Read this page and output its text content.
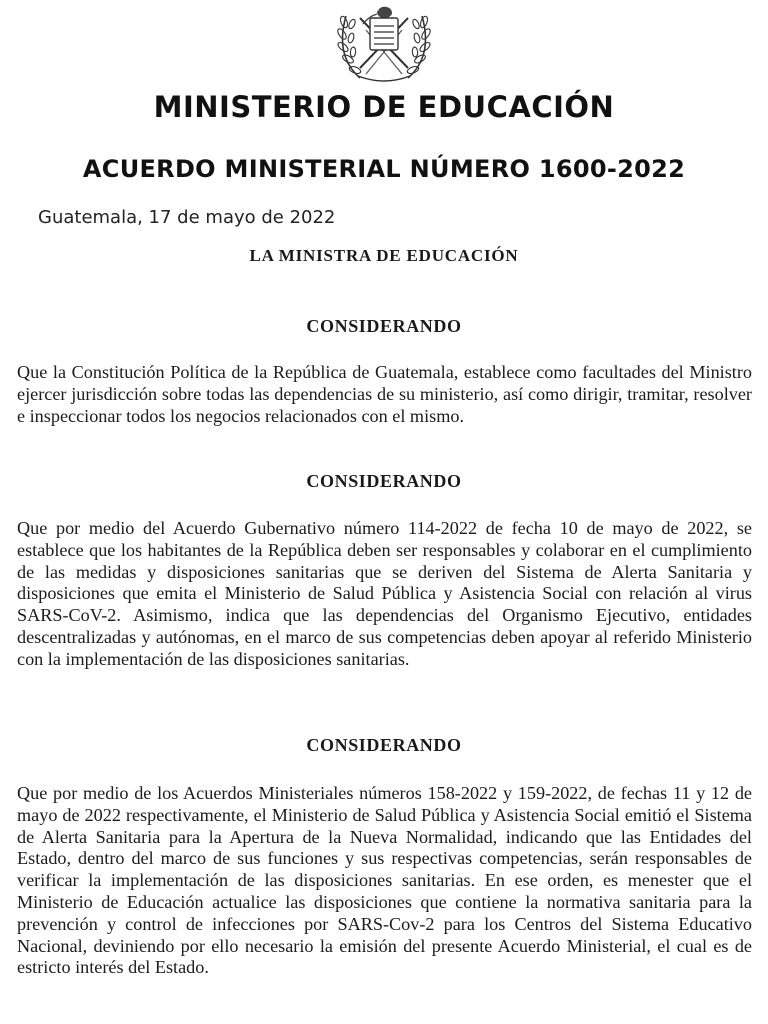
MINISTERIO DE EDUCACIÓN
ACUERDO MINISTERIAL NÚMERO 1600-2022
Guatemala, 17 de mayo de 2022
LA MINISTRA DE EDUCACIÓN
CONSIDERANDO
Que la Constitución Política de la República de Guatemala, establece como facultades del Ministro ejercer jurisdicción sobre todas las dependencias de su ministerio, así como dirigir, tramitar, resolver e inspeccionar todos los negocios relacionados con el mismo.
CONSIDERANDO
Que por medio del Acuerdo Gubernativo número 114-2022 de fecha 10 de mayo de 2022, se establece que los habitantes de la República deben ser responsables y colaborar en el cumplimiento de las medidas y disposiciones sanitarias que se deriven del Sistema de Alerta Sanitaria y disposiciones que emita el Ministerio de Salud Pública y Asistencia Social con relación al virus SARS-CoV-2. Asimismo, indica que las dependencias del Organismo Ejecutivo, entidades descentralizadas y autónomas, en el marco de sus competencias deben apoyar al referido Ministerio con la implementación de las disposiciones sanitarias.
CONSIDERANDO
Que por medio de los Acuerdos Ministeriales números 158-2022 y 159-2022, de fechas 11 y 12 de mayo de 2022 respectivamente, el Ministerio de Salud Pública y Asistencia Social emitió el Sistema de Alerta Sanitaria para la Apertura de la Nueva Normalidad, indicando que las Entidades del Estado, dentro del marco de sus funciones y sus respectivas competencias, serán responsables de verificar la implementación de las disposiciones sanitarias. En ese orden, es menester que el Ministerio de Educación actualice las disposiciones que contiene la normativa sanitaria para la prevención y control de infecciones por SARS-Cov-2 para los Centros del Sistema Educativo Nacional, deviniendo por ello necesario la emisión del presente Acuerdo Ministerial, el cual es de estricto interés del Estado.
